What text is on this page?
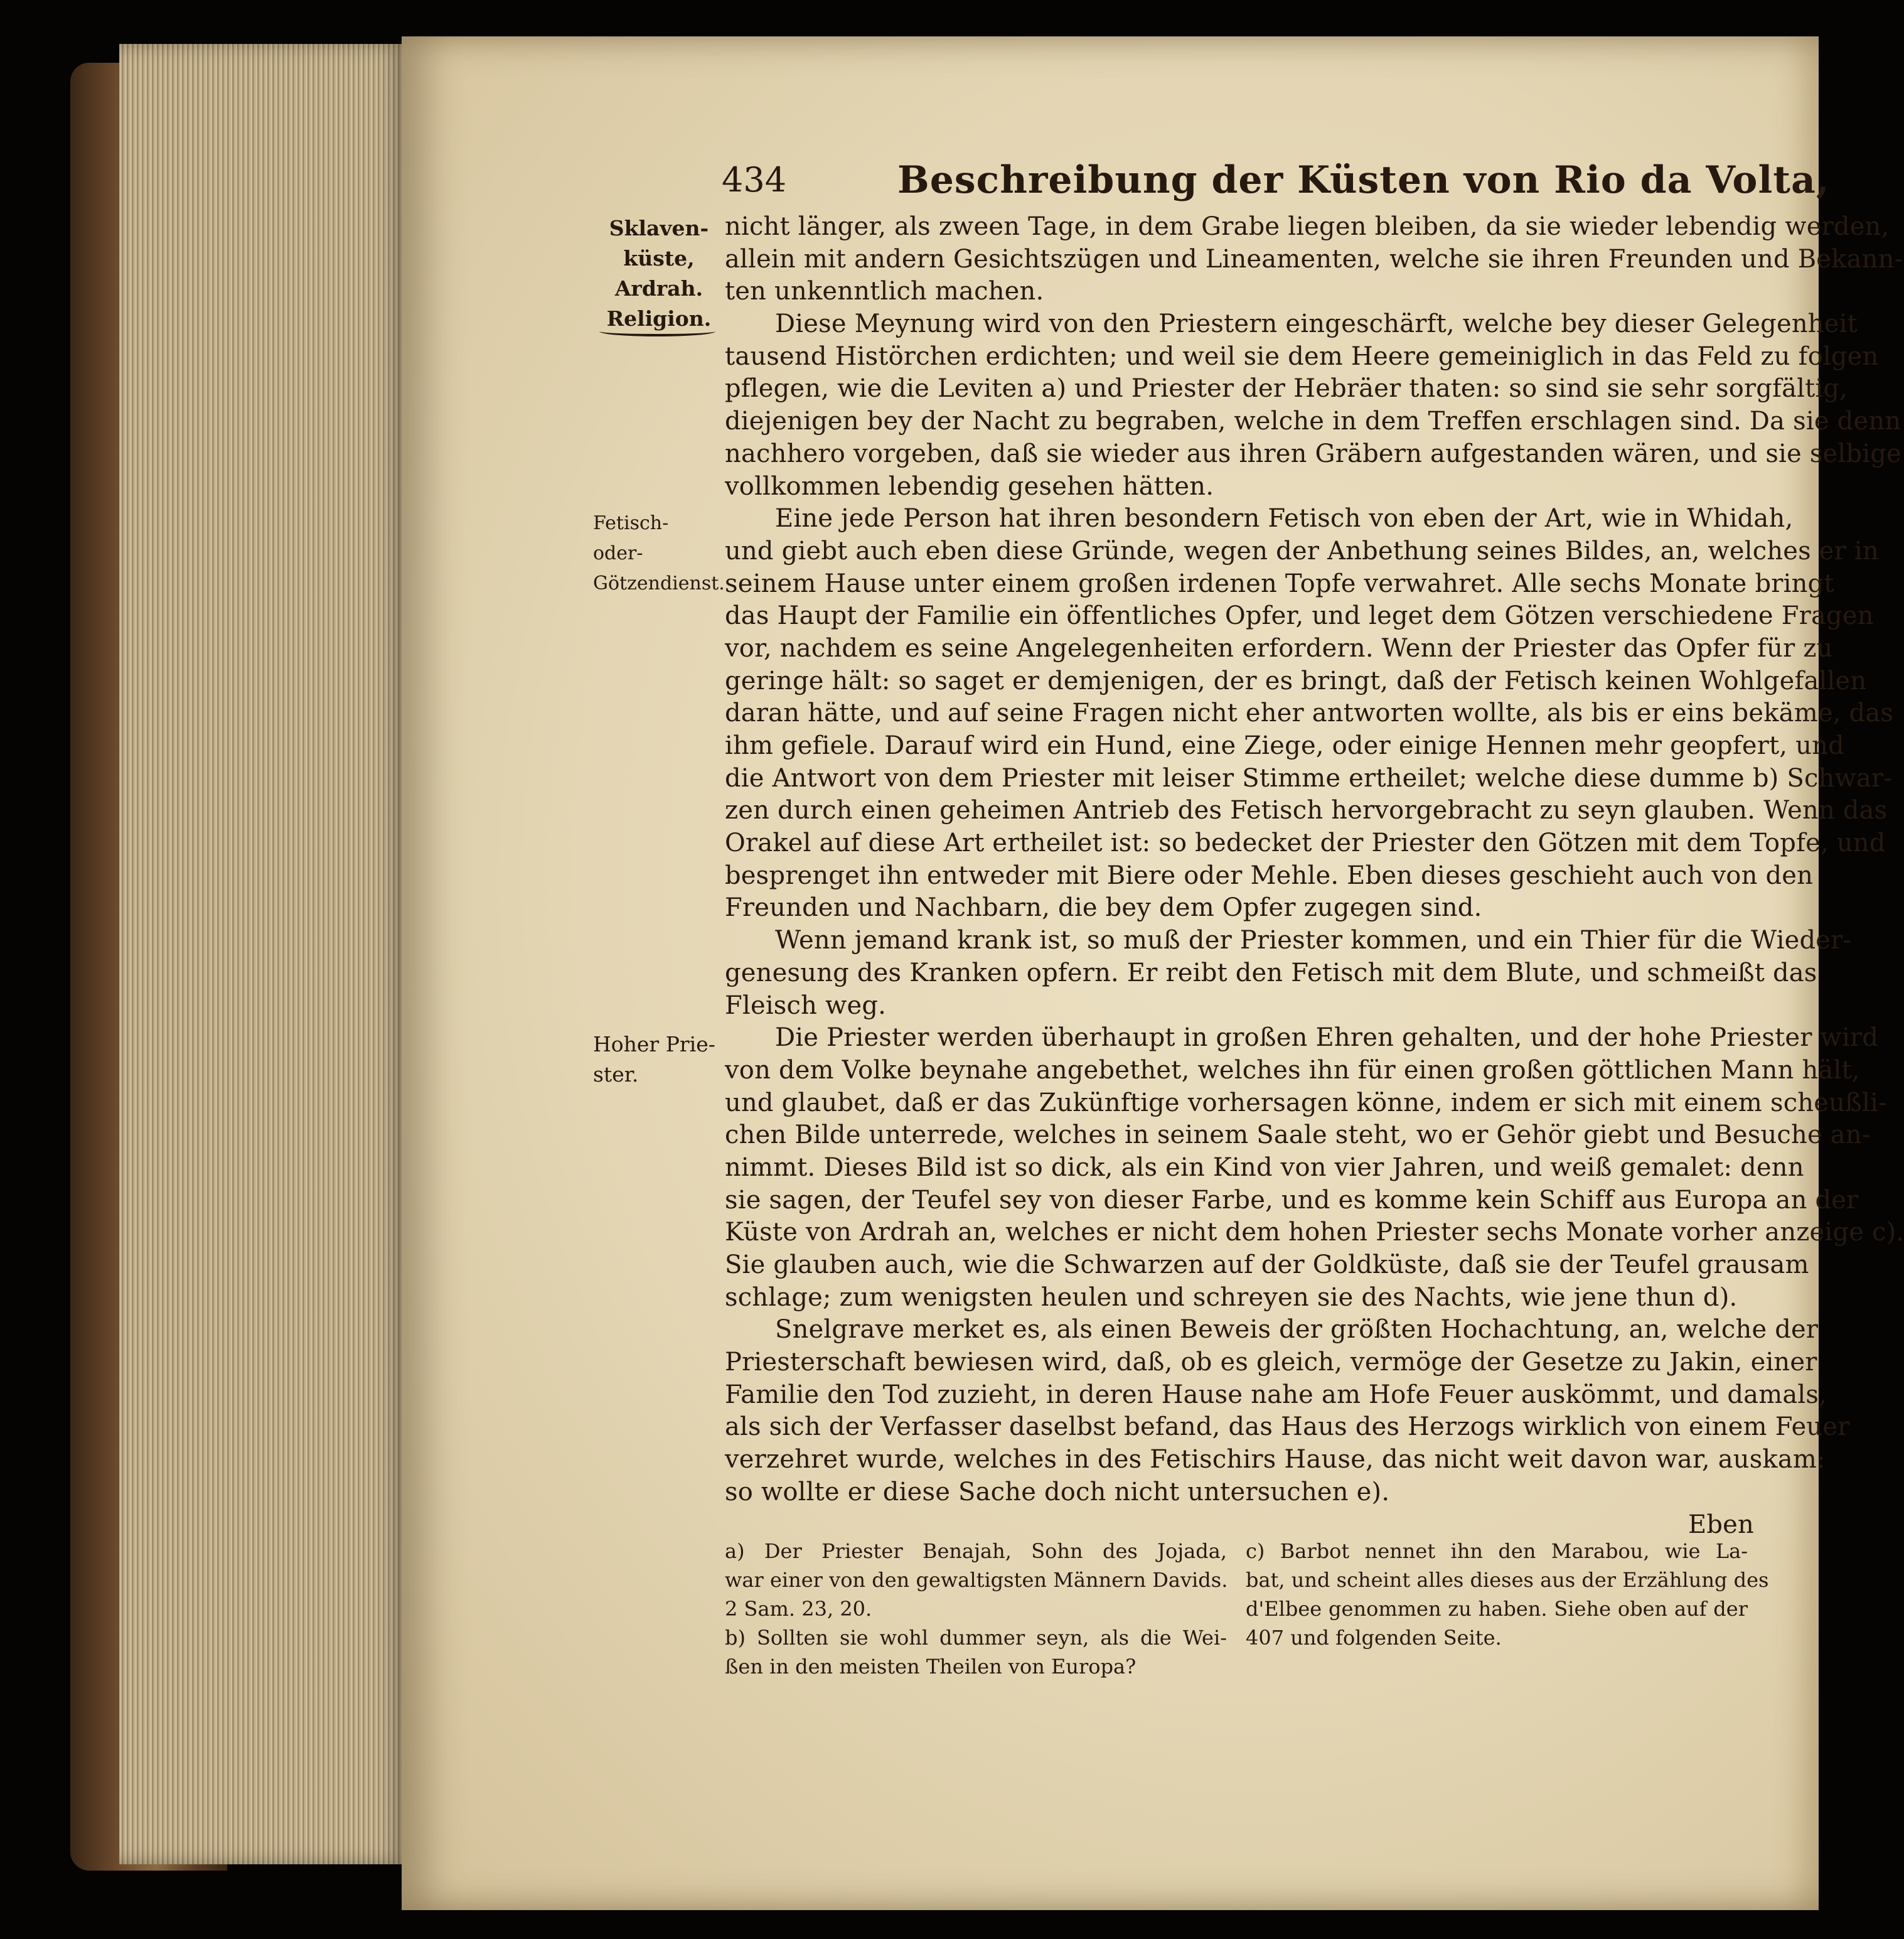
434	Beschreibung der Küsten von Rio da Volta,
Sklaven-
küste,
Ardrah.
Religion.
Fetisch- oder-
Götzendienst.
Hoher Prie-
ster.
nicht länger, als zween Tage, in dem Grabe liegen bleiben, da sie wieder lebendig werden,
allein mit andern Gesichtszügen und Lineamenten, welche sie ihren Freunden und Bekann-
ten unkenntlich machen.
Diese Meynung wird von den Priestern eingeschärft, welche bey dieser Gelegenheit
tausend Histörchen erdichten; und weil sie dem Heere gemeiniglich in das Feld zu folgen
pflegen, wie die Leviten a) und Priester der Hebräer thaten: so sind sie sehr sorgfältig,
diejenigen bey der Nacht zu begraben, welche in dem Treffen erschlagen sind. Da sie denn
nachhero vorgeben, daß sie wieder aus ihren Gräbern aufgestanden wären, und sie selbige
vollkommen lebendig gesehen hätten.
Eine jede Person hat ihren besondern Fetisch von eben der Art, wie in Whidah,
und giebt auch eben diese Gründe, wegen der Anbethung seines Bildes, an, welches er in
seinem Hause unter einem großen irdenen Topfe verwahret. Alle sechs Monate bringt
das Haupt der Familie ein öffentliches Opfer, und leget dem Götzen verschiedene Fragen
vor, nachdem es seine Angelegenheiten erfordern. Wenn der Priester das Opfer für zu
geringe hält: so saget er demjenigen, der es bringt, daß der Fetisch keinen Wohlgefallen
daran hätte, und auf seine Fragen nicht eher antworten wollte, als bis er eins bekäme, das
ihm gefiele. Darauf wird ein Hund, eine Ziege, oder einige Hennen mehr geopfert, und
die Antwort von dem Priester mit leiser Stimme ertheilet; welche diese dumme b) Schwar-
zen durch einen geheimen Antrieb des Fetisch hervorgebracht zu seyn glauben. Wenn das
Orakel auf diese Art ertheilet ist: so bedecket der Priester den Götzen mit dem Topfe, und
besprenget ihn entweder mit Biere oder Mehle. Eben dieses geschieht auch von den
Freunden und Nachbarn, die bey dem Opfer zugegen sind.
Wenn jemand krank ist, so muß der Priester kommen, und ein Thier für die Wieder-
genesung des Kranken opfern. Er reibt den Fetisch mit dem Blute, und schmeißt das
Fleisch weg.
Die Priester werden überhaupt in großen Ehren gehalten, und der hohe Priester wird
von dem Volke beynahe angebethet, welches ihn für einen großen göttlichen Mann hält,
und glaubet, daß er das Zukünftige vorhersagen könne, indem er sich mit einem scheußli-
chen Bilde unterrede, welches in seinem Saale steht, wo er Gehör giebt und Besuche an-
nimmt. Dieses Bild ist so dick, als ein Kind von vier Jahren, und weiß gemalet: denn
sie sagen, der Teufel sey von dieser Farbe, und es komme kein Schiff aus Europa an der
Küste von Ardrah an, welches er nicht dem hohen Priester sechs Monate vorher anzeige c).
Sie glauben auch, wie die Schwarzen auf der Goldküste, daß sie der Teufel grausam
schlage; zum wenigsten heulen und schreyen sie des Nachts, wie jene thun d).
Snelgrave merket es, als einen Beweis der größten Hochachtung, an, welche der
Priesterschaft bewiesen wird, daß, ob es gleich, vermöge der Gesetze zu Jakin, einer
Familie den Tod zuzieht, in deren Hause nahe am Hofe Feuer auskömmt, und damals,
als sich der Verfasser daselbst befand, das Haus des Herzogs wirklich von einem Feuer
verzehret wurde, welches in des Fetischirs Hause, das nicht weit davon war, auskam:
so wollte er diese Sache doch nicht untersuchen e).
Eben
a) Der Priester Benajah, Sohn des Jojada,
war einer von den gewaltigsten Männern Davids.
2 Sam. 23, 20.
b) Sollten sie wohl dummer seyn, als die Wei-
ßen in den meisten Theilen von Europa?
c) Barbot nennet ihn den Marabou, wie La-
bat, und scheint alles dieses aus der Erzählung des
d'Elbee genommen zu haben. Siehe oben auf der
407 und folgenden Seite.
